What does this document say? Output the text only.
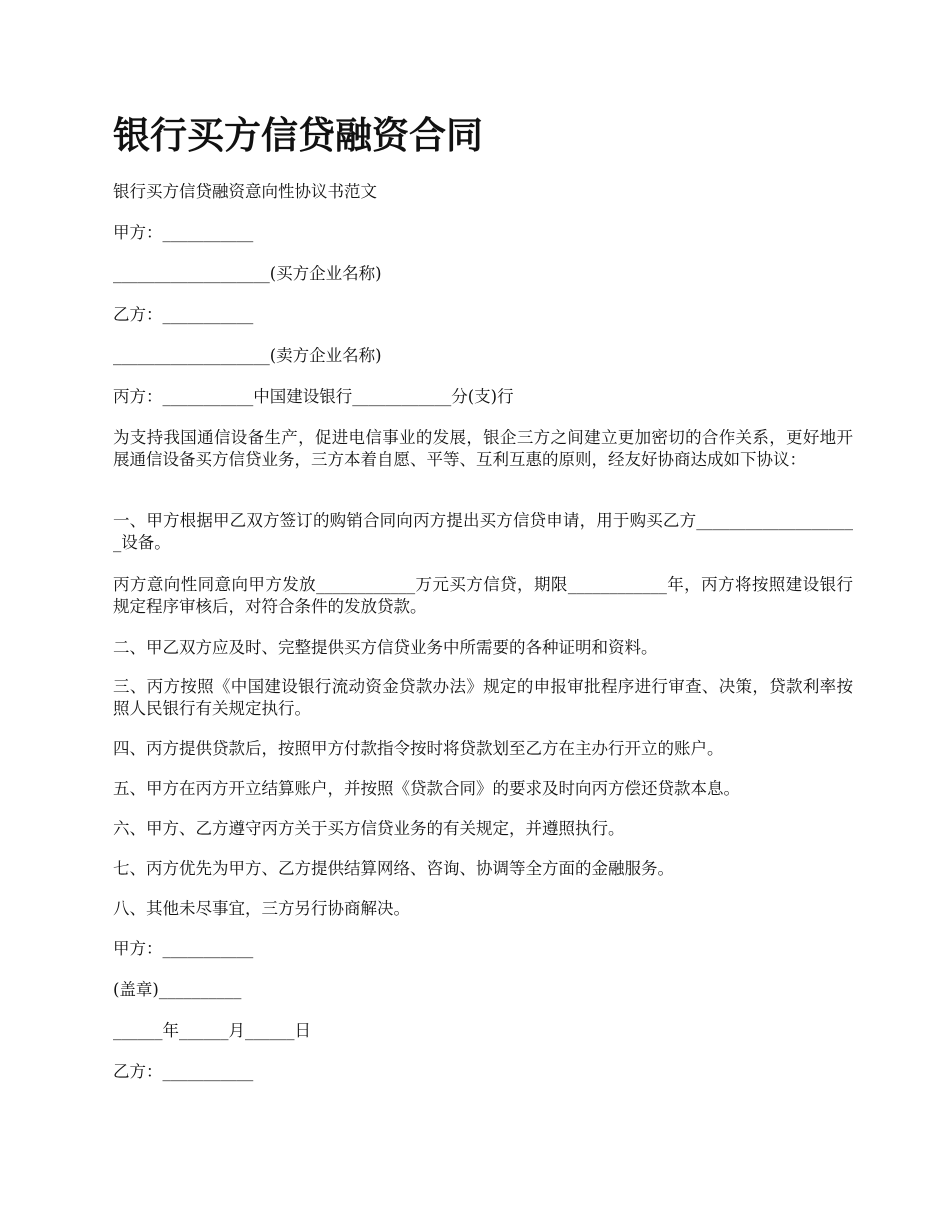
银行买方信贷融资合同
银行买方信贷融资意向性协议书范文
甲方：___________
___________________(买方企业名称)
乙方：___________
___________________(卖方企业名称)
丙方：___________中国建设银行____________分(支)行
为支持我国通信设备生产，促进电信事业的发展，银企三方之间建立更加密切的合作关系，更好地开展通信设备买方信贷业务，三方本着自愿、平等、互利互惠的原则，经友好协商达成如下协议：
一、甲方根据甲乙双方签订的购销合同向丙方提出买方信贷申请，用于购买乙方____________________设备。
丙方意向性同意向甲方发放____________万元买方信贷，期限____________年，丙方将按照建设银行规定程序审核后，对符合条件的发放贷款。
二、甲乙双方应及时、完整提供买方信贷业务中所需要的各种证明和资料。
三、丙方按照《中国建设银行流动资金贷款办法》规定的申报审批程序进行审查、决策，贷款利率按照人民银行有关规定执行。
四、丙方提供贷款后，按照甲方付款指令按时将贷款划至乙方在主办行开立的账户。
五、甲方在丙方开立结算账户，并按照《贷款合同》的要求及时向丙方偿还贷款本息。
六、甲方、乙方遵守丙方关于买方信贷业务的有关规定，并遵照执行。
七、丙方优先为甲方、乙方提供结算网络、咨询、协调等全方面的金融服务。
八、其他未尽事宜，三方另行协商解决。
甲方：___________
(盖章)__________
______年______月______日
乙方：___________
